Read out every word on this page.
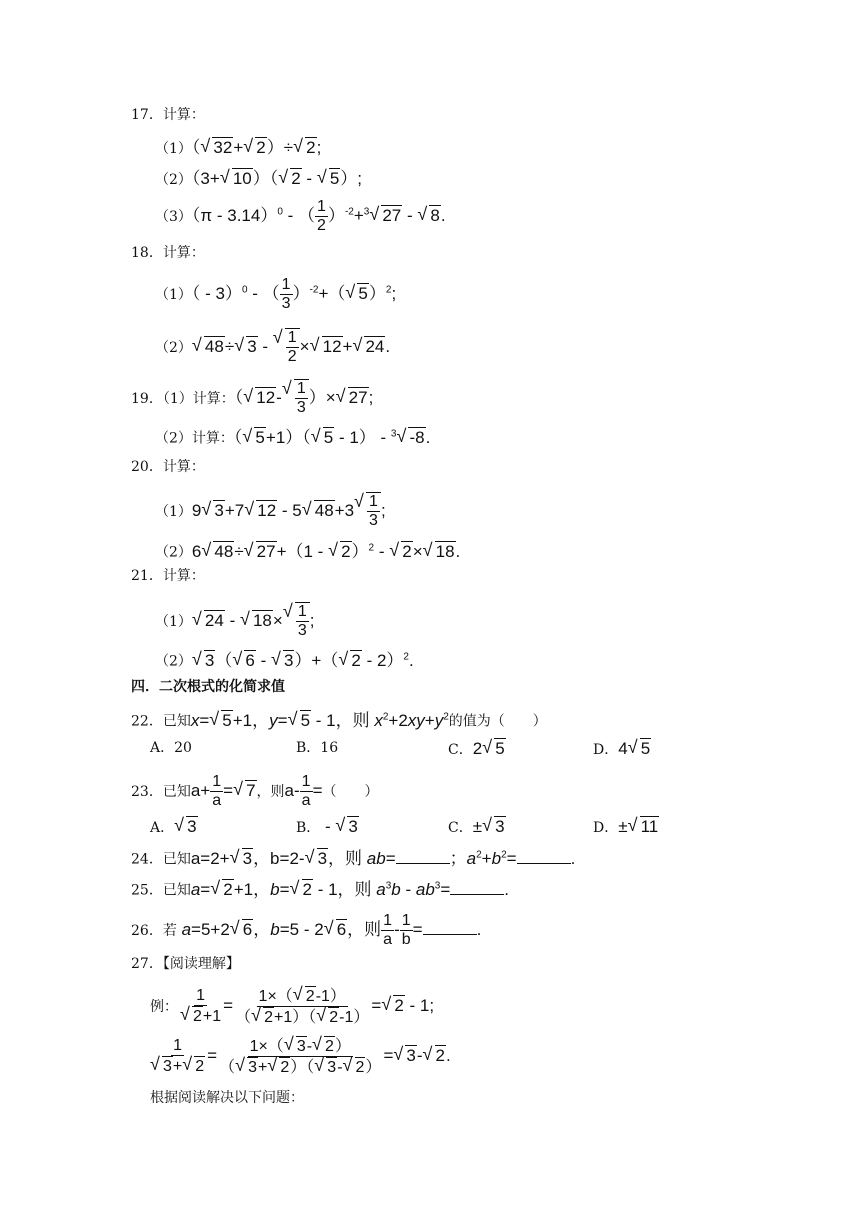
17．计算：
（1）（√ 32+√ 2）÷√ 2;
（2）（3+√ 10）（√ 2 - √ 5）;
（3）（π - 3.14）$^0$ - （ $\frac{1}{2} )^{-2}+^3√$ 27 - √ 8.
18．计算：
（1）（ - 3）$^0$ - （ $\frac{1}{3} )^{-2}+(√$ 5）$^2$;
（2）√ 48÷√ 3 -
√ $\frac{1}{2}$ ×√ 12+√ 24.
19．（1）计算：（√ 12-
√ $\frac{1}{3}$ ）×√ 27;
（2）计算：（√ 5+1）（√ 5 - 1） - $^3$√ -8.
20．计算：
（1）9√ 3+7√ 12 - 5√ 48+3
√ $\frac{1}{3}$ ;
（2）6√ 48÷√ 27+（1 - √ 2）$^2$ - √ 2×√ 18.
21．计算：
（1）√ 24 - √ 18×
√ $\frac{1}{3}$ ;
（2）√ 3（√ 6 - √ 3）+（√ 2 - 2）$^2$.
四．二次根式的化简求值
22．已知x=√ 5+1，y=√ 5 - 1，则 $x^2+2xy+y^2$的值为（　　）
A．20	B．16	C．2√ 5	D．4√ 5
23．已知$a+ \frac{1}{a}$ =√ 7，则$a- \frac{1}{a}$ =（　　）
A．√ 3	B． - √ 3	C．±√ 3	D．±√ 11
24．已知a=2+√ 3，b=2-√ 3，则 ab=	；$a^2+b^2=$	.
25．已知a=√ 2+1，b=√ 2 - 1，则 $a^3b - ab^3=$	.
26．若 a=5+2√ 6，b=5 - 2√ 6，则 $\frac{1}{a} - \frac{1}{b}$ =	.
27．【阅读理解】
例： 1
√ $2+1 = \frac{1\times(√ 2-1)}{(√ 2+1)(√ 2-1)}$ =√ 2 - 1;
1
√ 3+√ $2 = \frac{1\times(√ 3-√ 2)}{(√ 3+√ 2)(√ 3-√ 2)}$ =√ 3-√ 2.
根据阅读解决以下问题：
